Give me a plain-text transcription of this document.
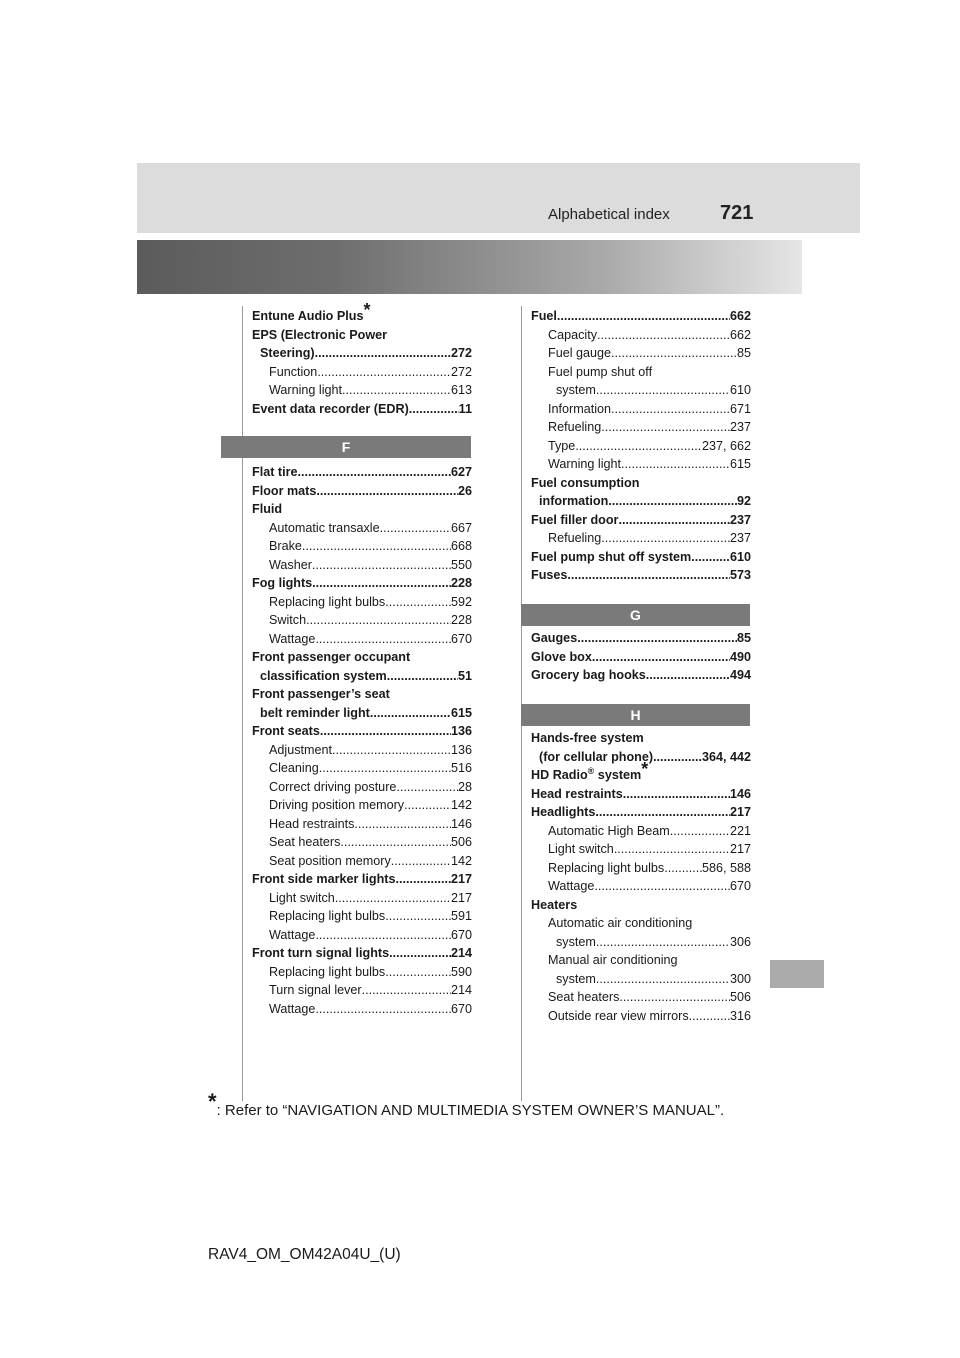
Alphabetical index	721
Entune Audio Plus*
EPS (Electronic Power
Steering) .....	272
Function .....	272
Warning light .....	613
Event data recorder (EDR) .....	11
F
Flat tire .....	627
Floor mats .....	26
Fluid
Automatic transaxle .....	667
Brake .....	668
Washer .....	550
Fog lights .....	228
Replacing light bulbs .....	592
Switch .....	228
Wattage .....	670
Front passenger occupant
classification system .....	51
Front passenger’s seat
belt reminder light .....	615
Front seats .....	136
Adjustment .....	136
Cleaning .....	516
Correct driving posture .....	28
Driving position memory .....	142
Head restraints .....	146
Seat heaters .....	506
Seat position memory .....	142
Front side marker lights .....	217
Light switch .....	217
Replacing light bulbs .....	591
Wattage .....	670
Front turn signal lights .....	214
Replacing light bulbs .....	590
Turn signal lever .....	214
Wattage .....	670
Fuel .....	662
Capacity .....	662
Fuel gauge .....	85
Fuel pump shut off
system .....	610
Information .....	671
Refueling .....	237
Type .....	237, 662
Warning light .....	615
Fuel consumption
information .....	92
Fuel filler door .....	237
Refueling .....	237
Fuel pump shut off system .....	610
Fuses .....	573
G
Gauges .....	85
Glove box .....	490
Grocery bag hooks .....	494
H
Hands-free system
(for cellular phone) .....	364, 442
HD Radio® system*
Head restraints .....	146
Headlights .....	217
Automatic High Beam .....	221
Light switch .....	217
Replacing light bulbs .....	586, 588
Wattage .....	670
Heaters
Automatic air conditioning
system .....	306
Manual air conditioning
system .....	300
Seat heaters .....	506
Outside rear view mirrors .....	316
*: Refer to “NAVIGATION AND MULTIMEDIA SYSTEM OWNER’S MANUAL”.
RAV4_OM_OM42A04U_(U)
